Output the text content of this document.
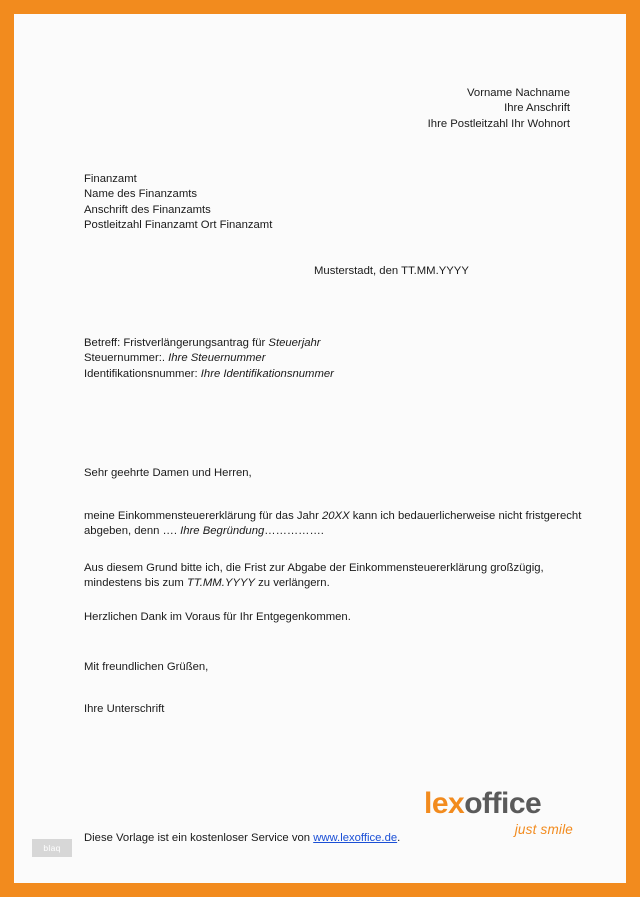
Vorname Nachname
Ihre Anschrift
Ihre Postleitzahl Ihr Wohnort
Finanzamt
Name des Finanzamts
Anschrift des Finanzamts
Postleitzahl Finanzamt Ort Finanzamt
Musterstadt, den TT.MM.YYYY
Betreff: Fristverlängerungsantrag für Steuerjahr
Steuernummer:. Ihre Steuernummer
Identifikationsnummer: Ihre Identifikationsnummer
Sehr geehrte Damen und Herren,
meine Einkommensteuererklärung für das Jahr 20XX kann ich bedauerlicherweise nicht fristgerecht abgeben, denn …. Ihre Begründung…………….
Aus diesem Grund bitte ich, die Frist zur Abgabe der Einkommensteuererklärung großzügig, mindestens bis zum TT.MM.YYYY zu verlängern.
Herzlichen Dank im Voraus für Ihr Entgegenkommen.
Mit freundlichen Grüßen,
Ihre Unterschrift
lexoffice
just smile
Diese Vorlage ist ein kostenloser Service von www.lexoffice.de.
blaq
